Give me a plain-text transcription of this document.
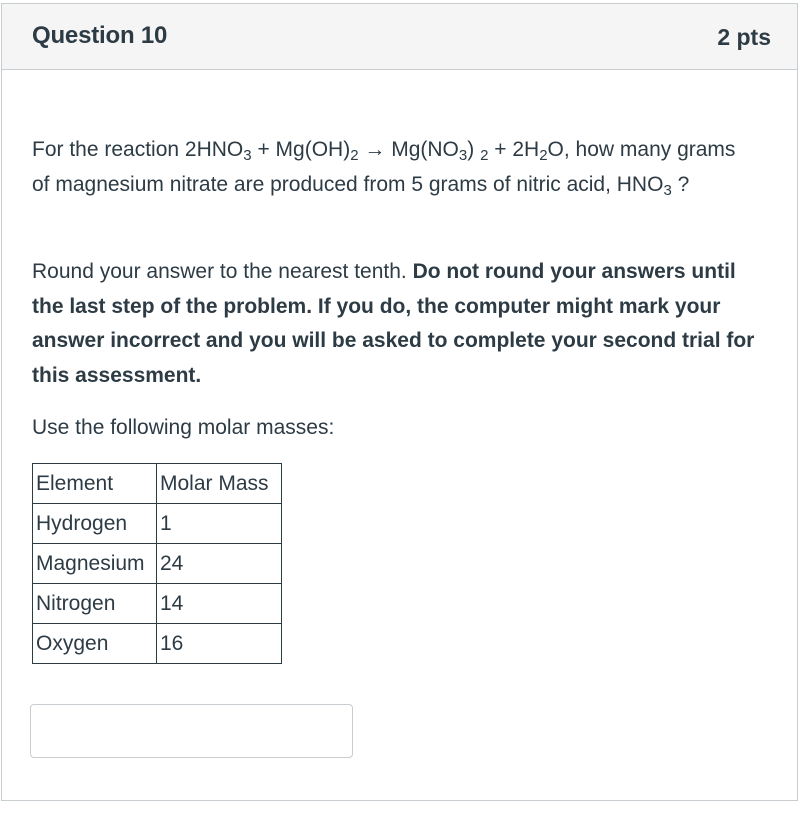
Question 10	2 pts
For the reaction $2HNO_3 + Mg(OH)_2 \to Mg(NO_3) _2 + 2H_2O$, how many grams of magnesium nitrate are produced from 5 grams of nitric acid, $HNO_3$ ?
Round your answer to the nearest tenth. Do not round your answers until the last step of the problem. If you do, the computer might mark your answer incorrect and you will be asked to complete your second trial for this assessment.
Use the following molar masses:
Element	Molar Mass
Hydrogen	1
Magnesium	24
Nitrogen	14
Oxygen	16
